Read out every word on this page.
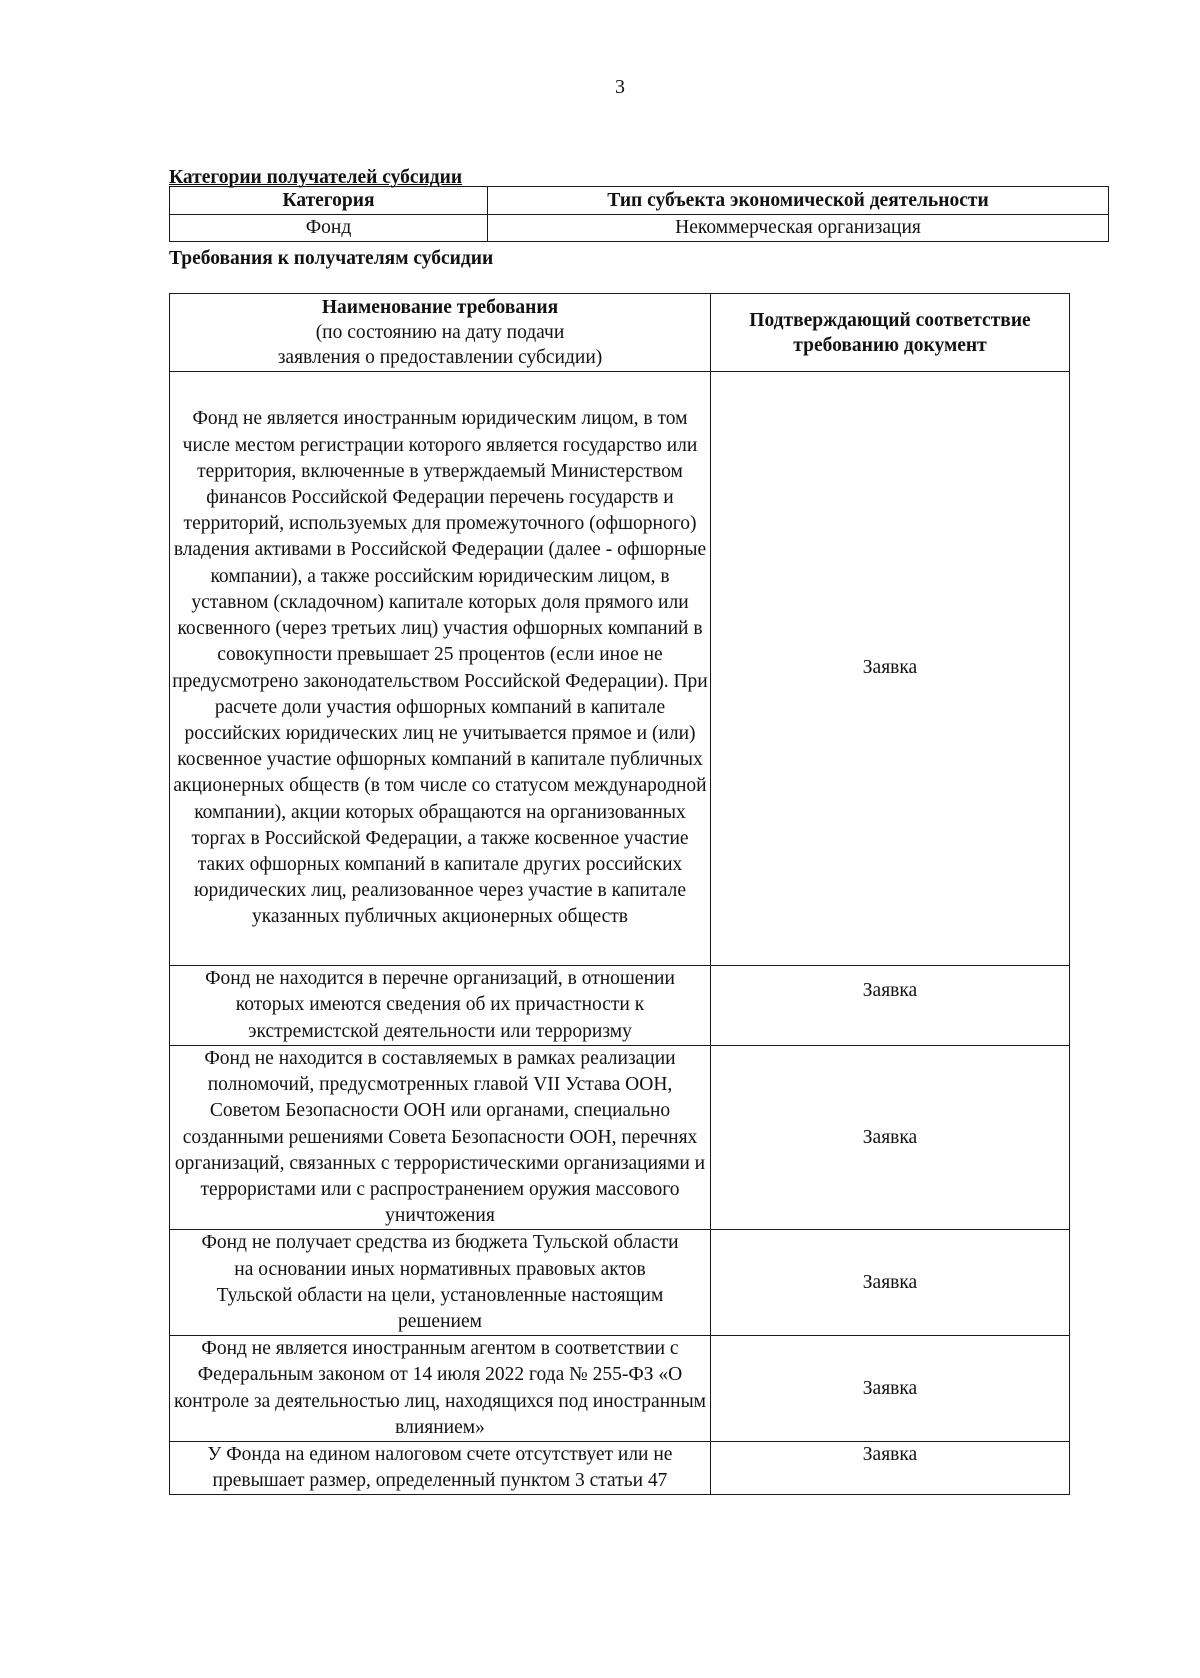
3
Категории получателей субсидии
Категория	Тип субъекта экономической деятельности
Фонд	Некоммерческая организация
Требования к получателям субсидии
Наименование требования
(по состоянию на дату подачи
заявления о предоставлении субсидии)	Подтверждающий соответствие требованию документ

Фонд не является иностранным юридическим лицом, в том числе местом регистрации которого является государство или территория, включенные в утверждаемый Министерством финансов Российской Федерации перечень государств и территорий, используемых для промежуточного (офшорного) владения активами в Российской Федерации (далее - офшорные компании), а также российским юридическим лицом, в уставном (складочном) капитале которых доля прямого или косвенного (через третьих лиц) участия офшорных компаний в совокупности превышает 25 процентов (если иное не предусмотрено законодательством Российской Федерации). При расчете доли участия офшорных компаний в капитале российских юридических лиц не учитывается прямое и (или) косвенное участие офшорных компаний в капитале публичных акционерных обществ (в том числе со статусом международной компании), акции которых обращаются на организованных торгах в Российской Федерации, а также косвенное участие таких офшорных компаний в капитале других российских юридических лиц, реализованное через участие в капитале указанных публичных акционерных обществ	Заявка
Фонд не находится в перечне организаций, в отношении которых имеются сведения об их причастности к экстремистской деятельности или терроризму	Заявка
Фонд не находится в составляемых в рамках реализации полномочий, предусмотренных главой VII Устава ООН, Советом Безопасности ООН или органами, специально созданными решениями Совета Безопасности ООН, перечнях организаций, связанных с террористическими организациями и террористами или с распространением оружия массового уничтожения	Заявка
Фонд не получает средства из бюджета Тульской области на основании иных нормативных правовых актов Тульской области на цели, установленные настоящим решением	Заявка
Фонд не является иностранным агентом в соответствии с Федеральным законом от 14 июля 2022 года № 255-ФЗ «О контроле за деятельностью лиц, находящихся под иностранным влиянием»	Заявка
У Фонда на едином налоговом счете отсутствует или не превышает размер, определенный пунктом 3 статьи 47	Заявка
